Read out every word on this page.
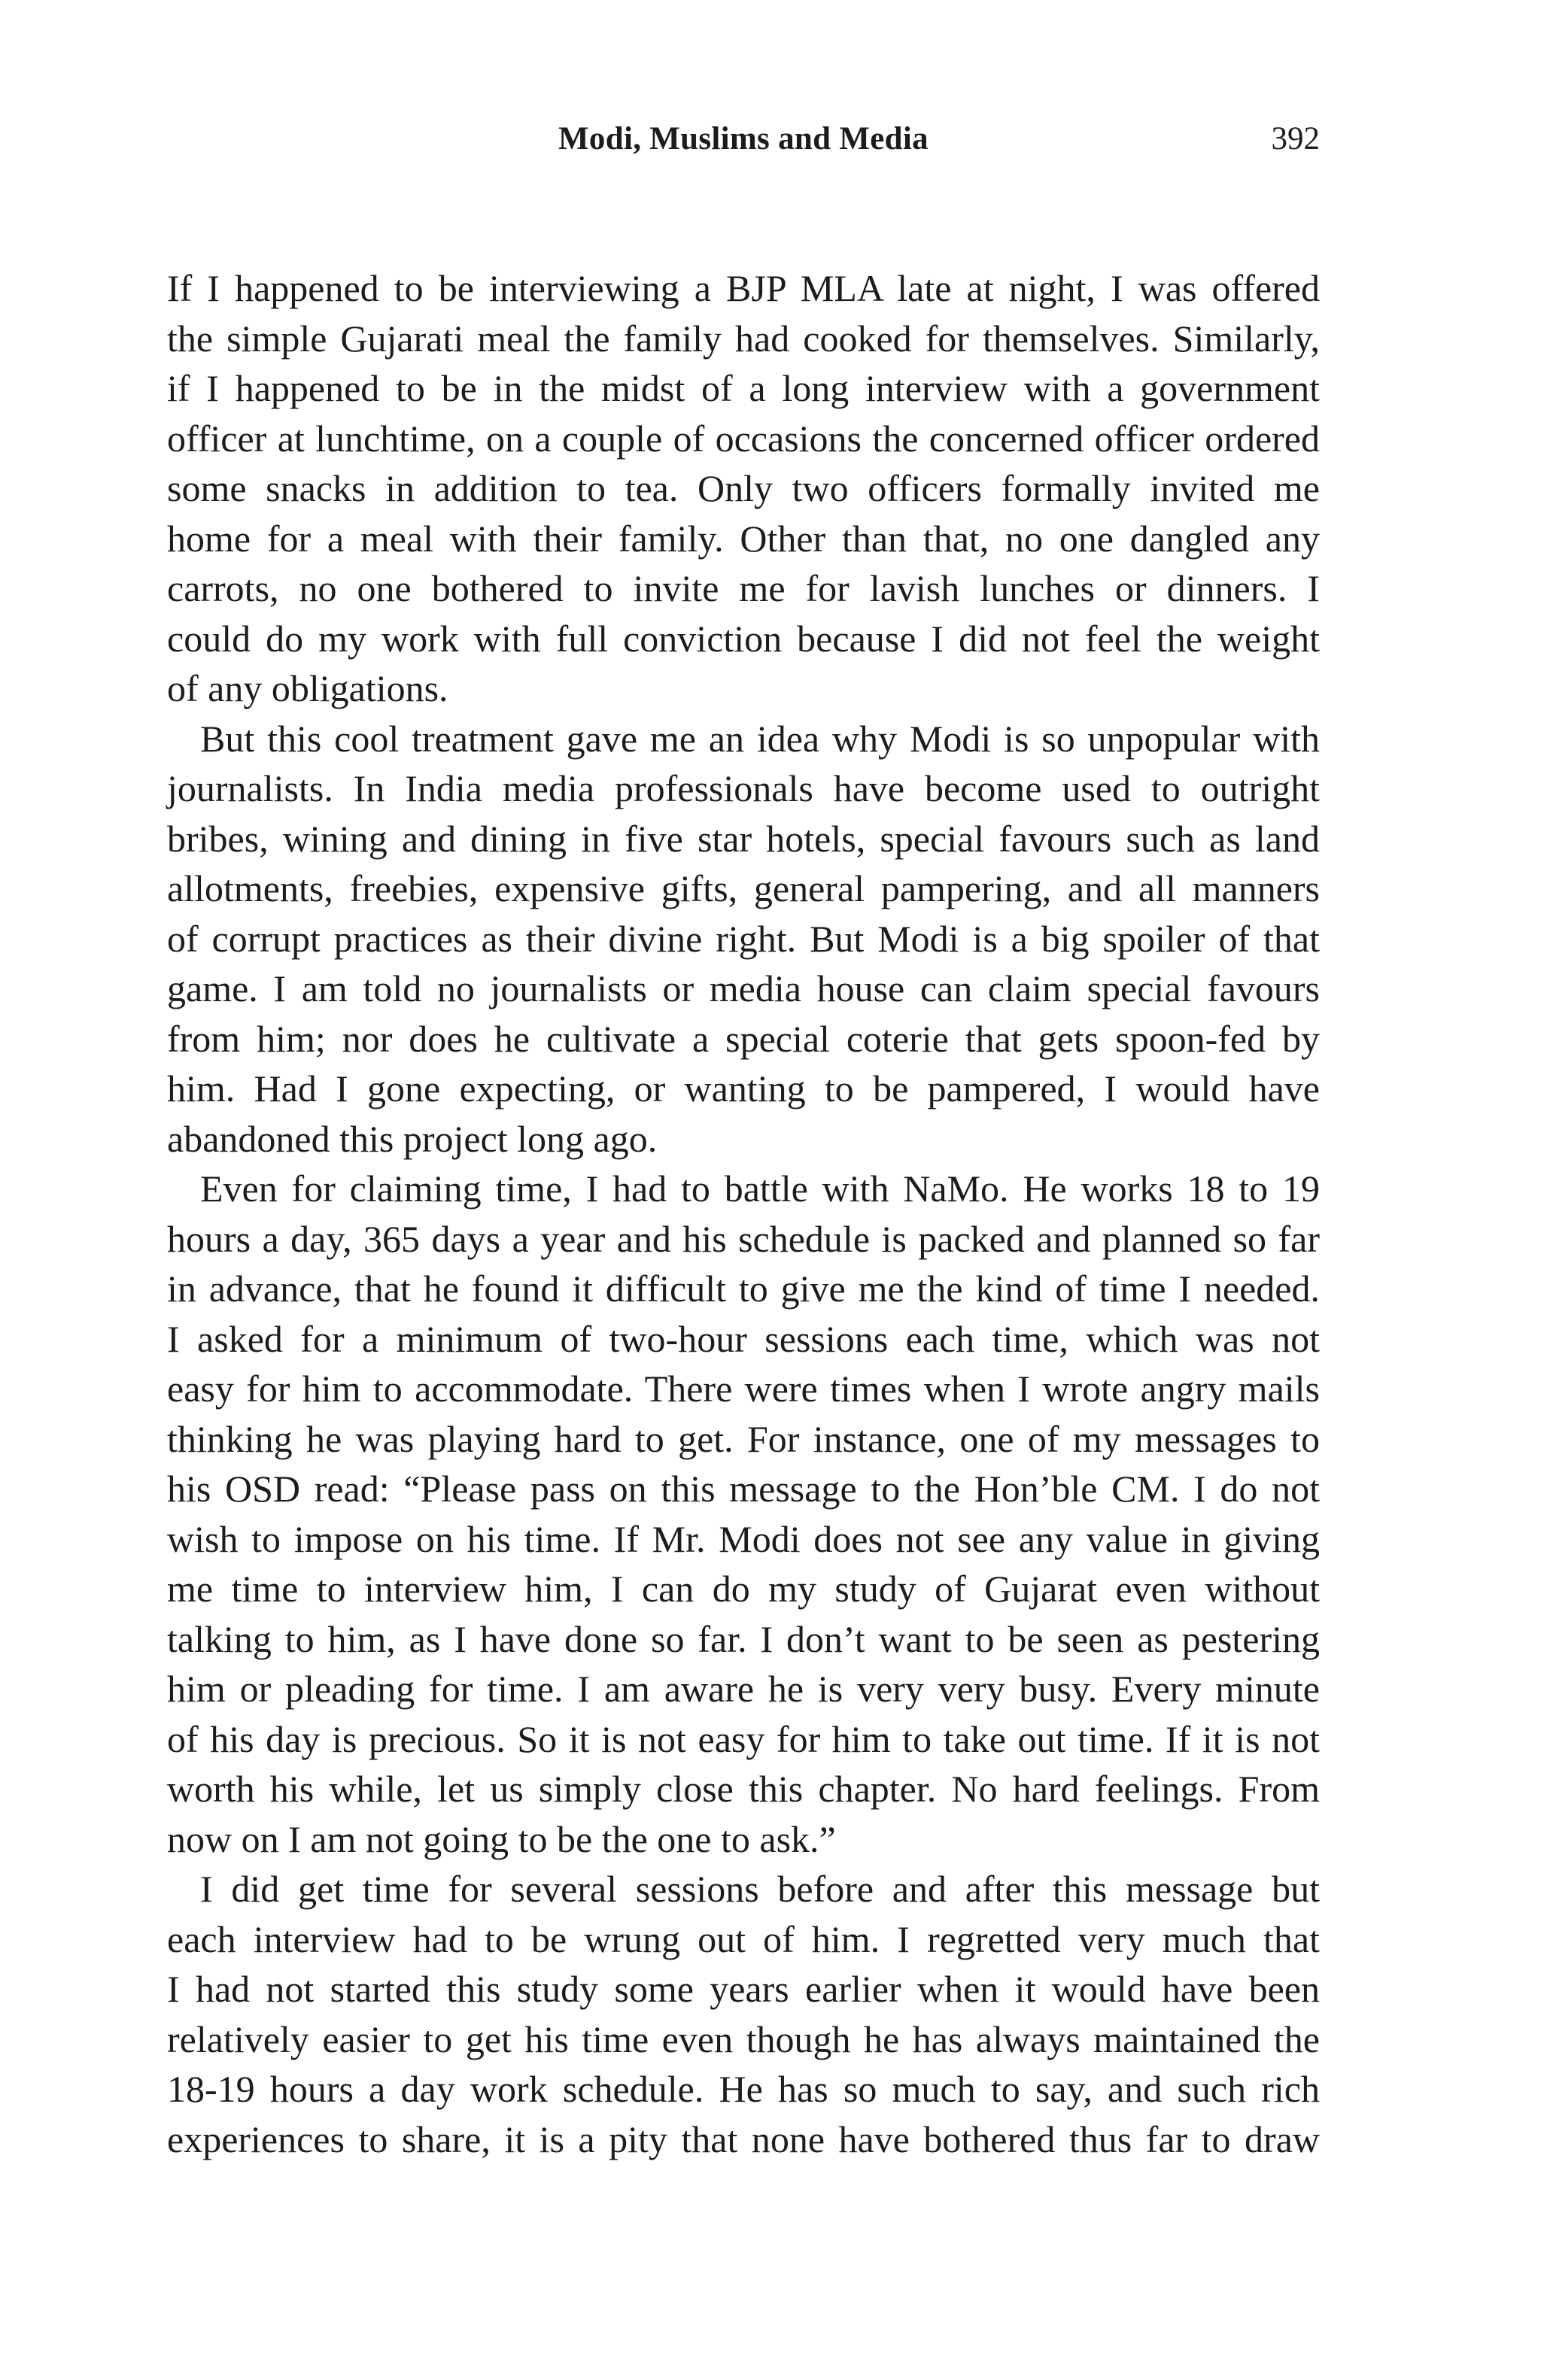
Modi, Muslims and Media	392
If I happened to be interviewing a BJP MLA late at night, I was offered
the simple Gujarati meal the family had cooked for themselves. Similarly,
if I happened to be in the midst of a long interview with a government
officer at lunchtime, on a couple of occasions the concerned officer ordered
some snacks in addition to tea. Only two officers formally invited me
home for a meal with their family. Other than that, no one dangled any
carrots, no one bothered to invite me for lavish lunches or dinners. I
could do my work with full conviction because I did not feel the weight
of any obligations.
But this cool treatment gave me an idea why Modi is so unpopular with
journalists. In India media professionals have become used to outright
bribes, wining and dining in five star hotels, special favours such as land
allotments, freebies, expensive gifts, general pampering, and all manners
of corrupt practices as their divine right. But Modi is a big spoiler of that
game. I am told no journalists or media house can claim special favours
from him; nor does he cultivate a special coterie that gets spoon-fed by
him. Had I gone expecting, or wanting to be pampered, I would have
abandoned this project long ago.
Even for claiming time, I had to battle with NaMo. He works 18 to 19
hours a day, 365 days a year and his schedule is packed and planned so far
in advance, that he found it difficult to give me the kind of time I needed.
I asked for a minimum of two-hour sessions each time, which was not
easy for him to accommodate. There were times when I wrote angry mails
thinking he was playing hard to get. For instance, one of my messages to
his OSD read: “Please pass on this message to the Hon’ble CM. I do not
wish to impose on his time. If Mr. Modi does not see any value in giving
me time to interview him, I can do my study of Gujarat even without
talking to him, as I have done so far. I don’t want to be seen as pestering
him or pleading for time. I am aware he is very very busy. Every minute
of his day is precious. So it is not easy for him to take out time. If it is not
worth his while, let us simply close this chapter. No hard feelings. From
now on I am not going to be the one to ask.”
I did get time for several sessions before and after this message but
each interview had to be wrung out of him. I regretted very much that
I had not started this study some years earlier when it would have been
relatively easier to get his time even though he has always maintained the
18-19 hours a day work schedule. He has so much to say, and such rich
experiences to share, it is a pity that none have bothered thus far to draw
